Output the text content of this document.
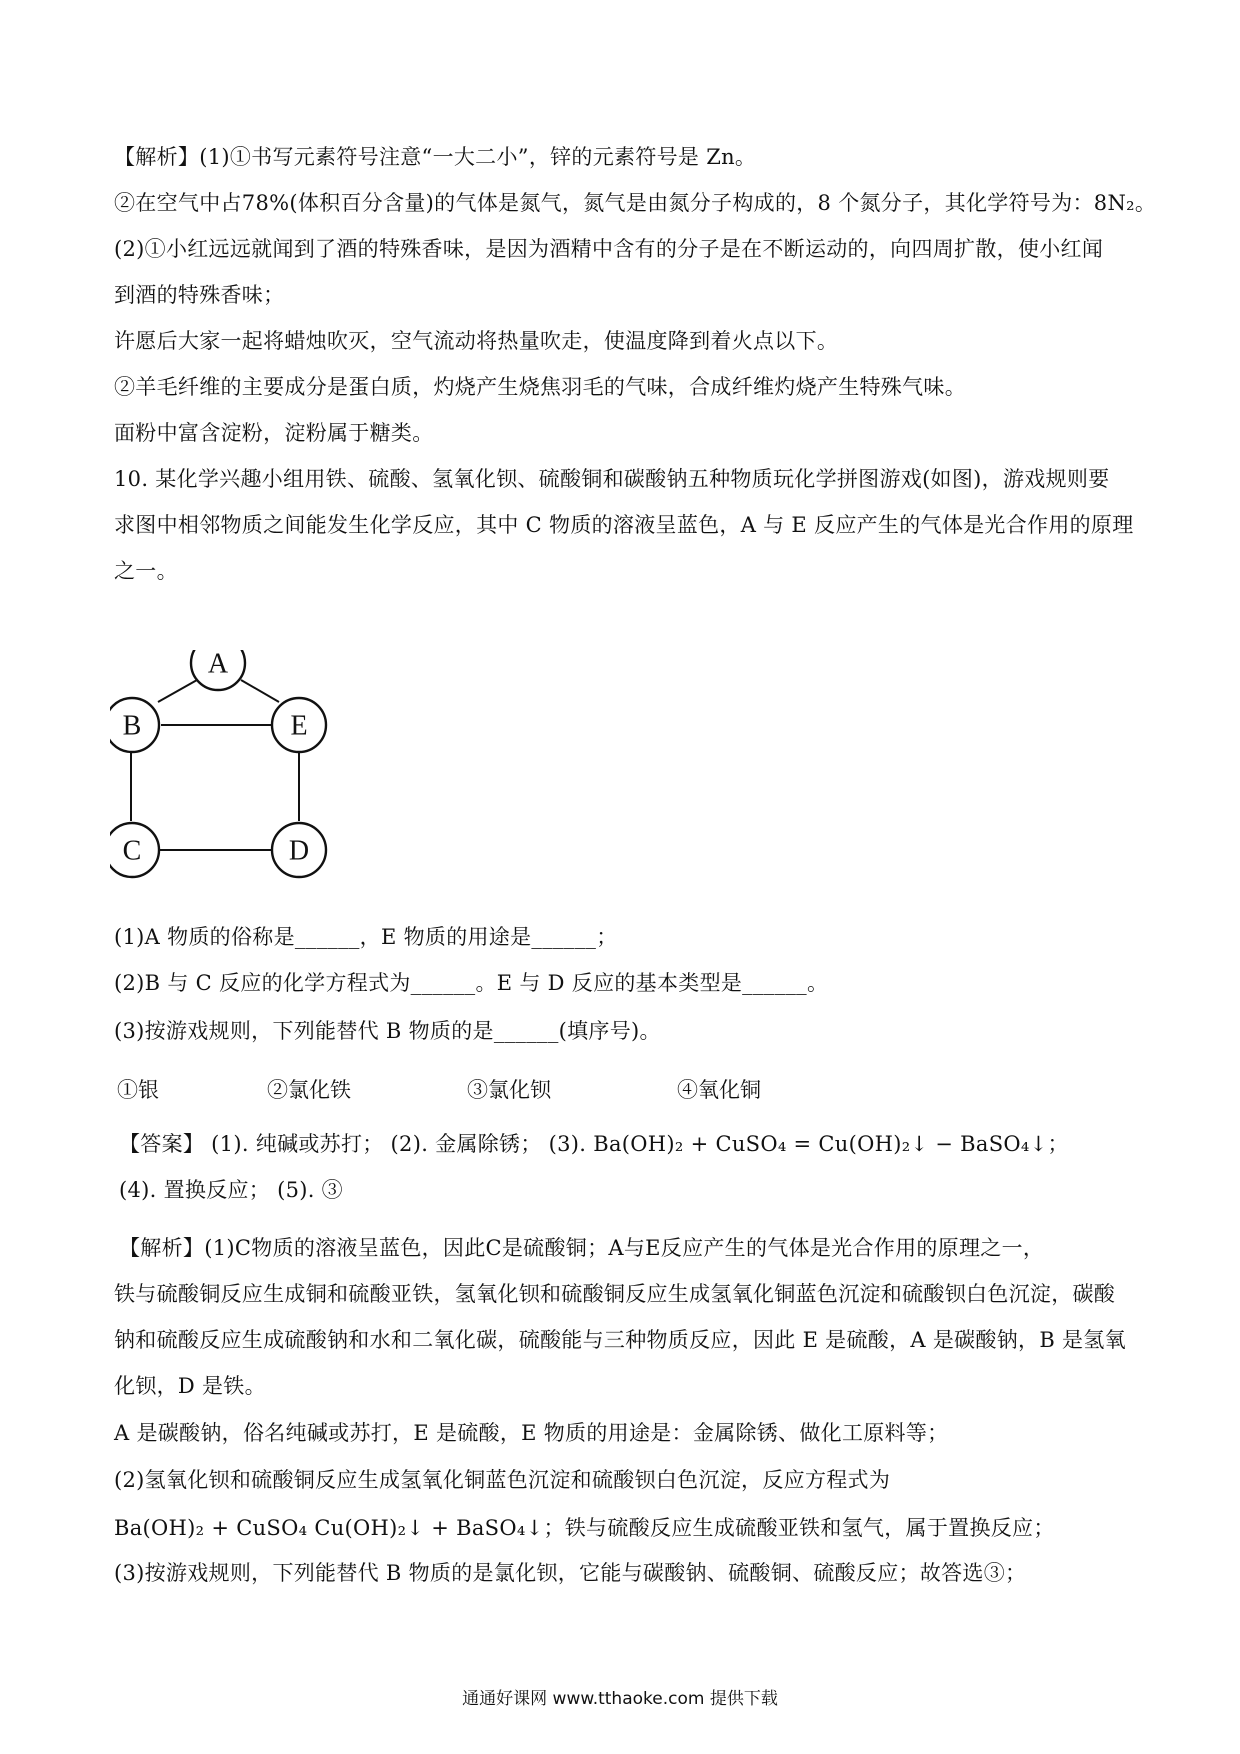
【解析】(1)①书写元素符号注意“一大二小”，锌的元素符号是 Zn。
②在空气中占78%(体积百分含量)的气体是氮气，氮气是由氮分子构成的，8 个氮分子，其化学符号为：8N₂。
(2)①小红远远就闻到了酒的特殊香味，是因为酒精中含有的分子是在不断运动的，向四周扩散，使小红闻
到酒的特殊香味；
许愿后大家一起将蜡烛吹灭，空气流动将热量吹走，使温度降到着火点以下。
②羊毛纤维的主要成分是蛋白质，灼烧产生烧焦羽毛的气味，合成纤维灼烧产生特殊气味。
面粉中富含淀粉，淀粉属于糖类。
10. 某化学兴趣小组用铁、硫酸、氢氧化钡、硫酸铜和碳酸钠五种物质玩化学拼图游戏(如图)，游戏规则要
求图中相邻物质之间能发生化学反应，其中 C 物质的溶液呈蓝色，A 与 E 反应产生的气体是光合作用的原理
之一。
A
B	E
C	D
(1)A 物质的俗称是______，E 物质的用途是______；
(2)B 与 C 反应的化学方程式为______。E 与 D 反应的基本类型是______。
(3)按游戏规则，下列能替代 B 物质的是______(填序号)。
①银	②氯化铁	③氯化钡	④氧化铜
【答案】 (1). 纯碱或苏打； (2). 金属除锈； (3). Ba(OH)₂ + CuSO₄ = Cu(OH)₂↓ − BaSO₄↓；
(4). 置换反应； (5). ③
【解析】(1)C物质的溶液呈蓝色，因此C是硫酸铜；A与E反应产生的气体是光合作用的原理之一，
铁与硫酸铜反应生成铜和硫酸亚铁，氢氧化钡和硫酸铜反应生成氢氧化铜蓝色沉淀和硫酸钡白色沉淀，碳酸
钠和硫酸反应生成硫酸钠和水和二氧化碳，硫酸能与三种物质反应，因此 E 是硫酸，A 是碳酸钠，B 是氢氧
化钡，D 是铁。
A 是碳酸钠，俗名纯碱或苏打，E 是硫酸，E 物质的用途是：金属除锈、做化工原料等；
(2)氢氧化钡和硫酸铜反应生成氢氧化铜蓝色沉淀和硫酸钡白色沉淀，反应方程式为
Ba(OH)₂ + CuSO₄ Cu(OH)₂↓ + BaSO₄↓；铁与硫酸反应生成硫酸亚铁和氢气，属于置换反应；
(3)按游戏规则，下列能替代 B 物质的是氯化钡，它能与碳酸钠、硫酸铜、硫酸反应；故答选③；
通通好课网 www.tthaoke.com 提供下载
